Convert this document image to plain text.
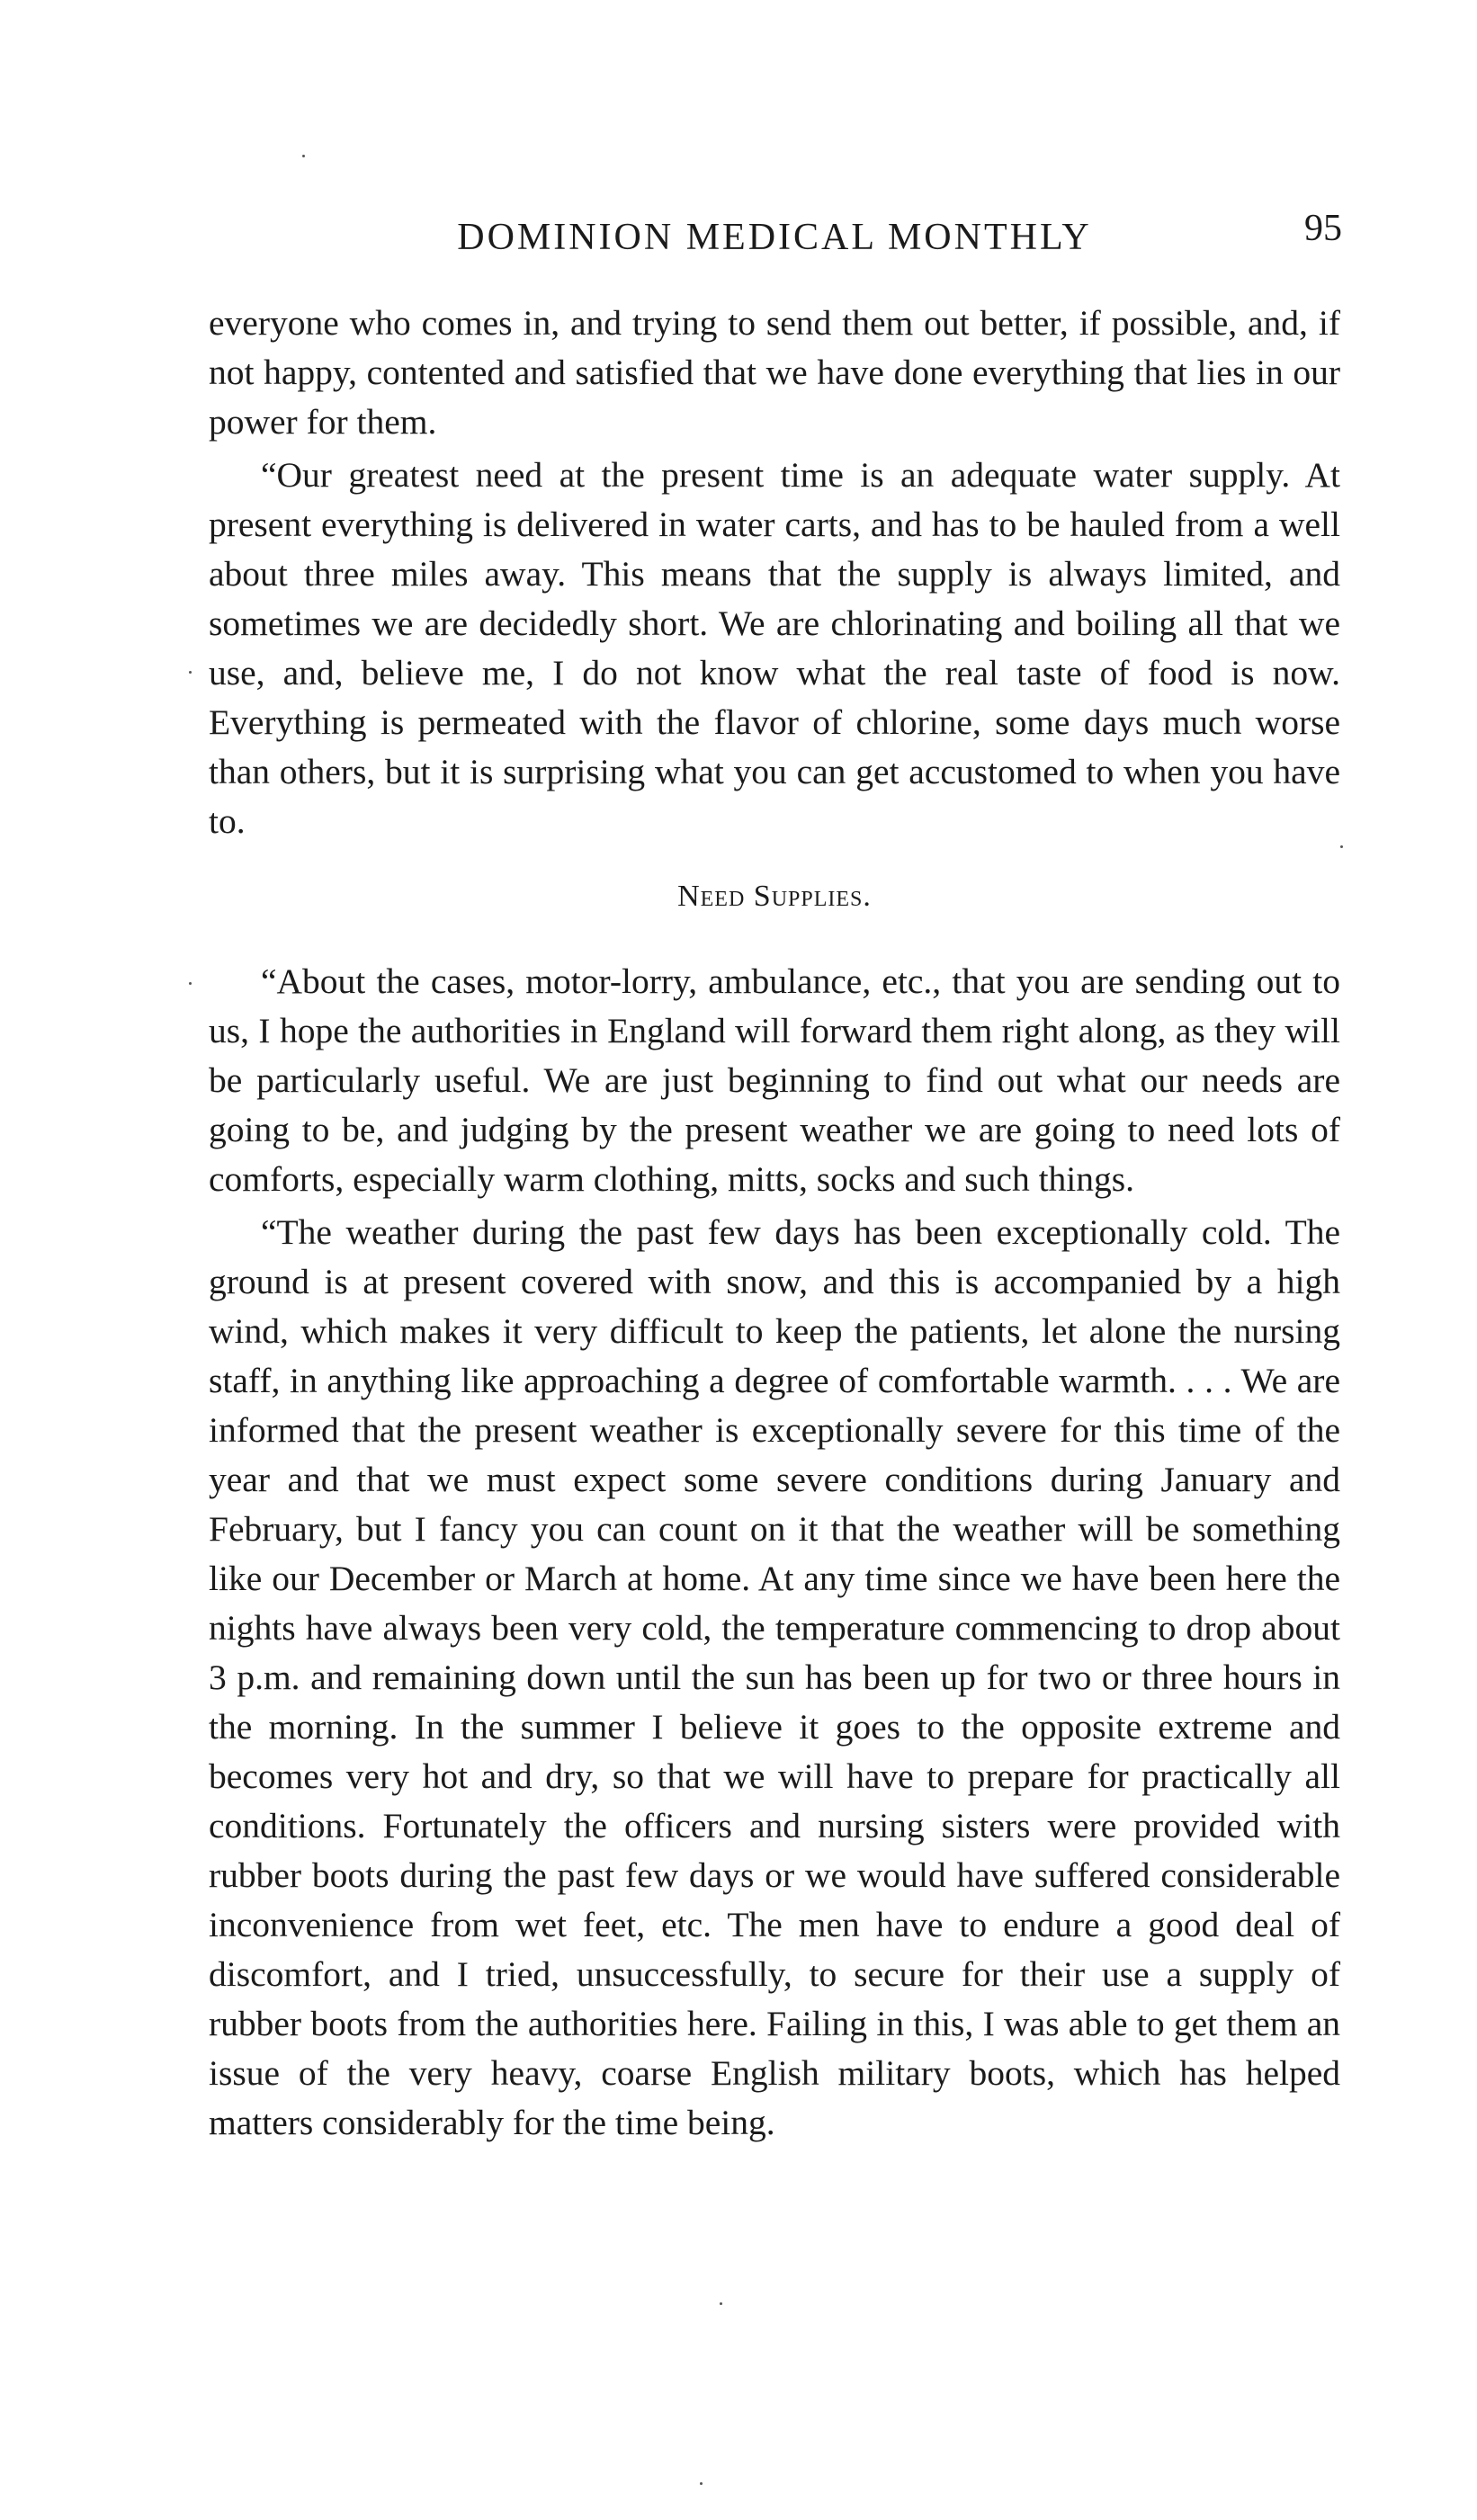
DOMINION MEDICAL MONTHLY	95

everyone who comes in, and trying to send them out better, if possible, and, if not happy, contented and satisfied that we have done everything that lies in our power for them.

“Our greatest need at the present time is an adequate water supply. At present everything is delivered in water carts, and has to be hauled from a well about three miles away. This means that the supply is always limited, and sometimes we are decidedly short. We are chlorinating and boiling all that we use, and, believe me, I do not know what the real taste of food is now. Everything is permeated with the flavor of chlorine, some days much worse than others, but it is surprising what you can get accustomed to when you have to.

Need Supplies.

“About the cases, motor-lorry, ambulance, etc., that you are sending out to us, I hope the authorities in England will forward them right along, as they will be particularly useful. We are just beginning to find out what our needs are going to be, and judging by the present weather we are going to need lots of comforts, especially warm clothing, mitts, socks and such things.

“The weather during the past few days has been exceptionally cold. The ground is at present covered with snow, and this is accompanied by a high wind, which makes it very difficult to keep the patients, let alone the nursing staff, in anything like approaching a degree of comfortable warmth. . . . We are informed that the present weather is exceptionally severe for this time of the year and that we must expect some severe conditions during January and February, but I fancy you can count on it that the weather will be something like our December or March at home. At any time since we have been here the nights have always been very cold, the temperature commencing to drop about 3 p.m. and remaining down until the sun has been up for two or three hours in the morning. In the summer I believe it goes to the opposite extreme and becomes very hot and dry, so that we will have to prepare for practically all conditions. Fortunately the officers and nursing sisters were provided with rubber boots during the past few days or we would have suffered considerable inconvenience from wet feet, etc. The men have to endure a good deal of discomfort, and I tried, unsuccessfully, to secure for their use a supply of rubber boots from the authorities here. Failing in this, I was able to get them an issue of the very heavy, coarse English military boots, which has helped matters considerably for the time being.
